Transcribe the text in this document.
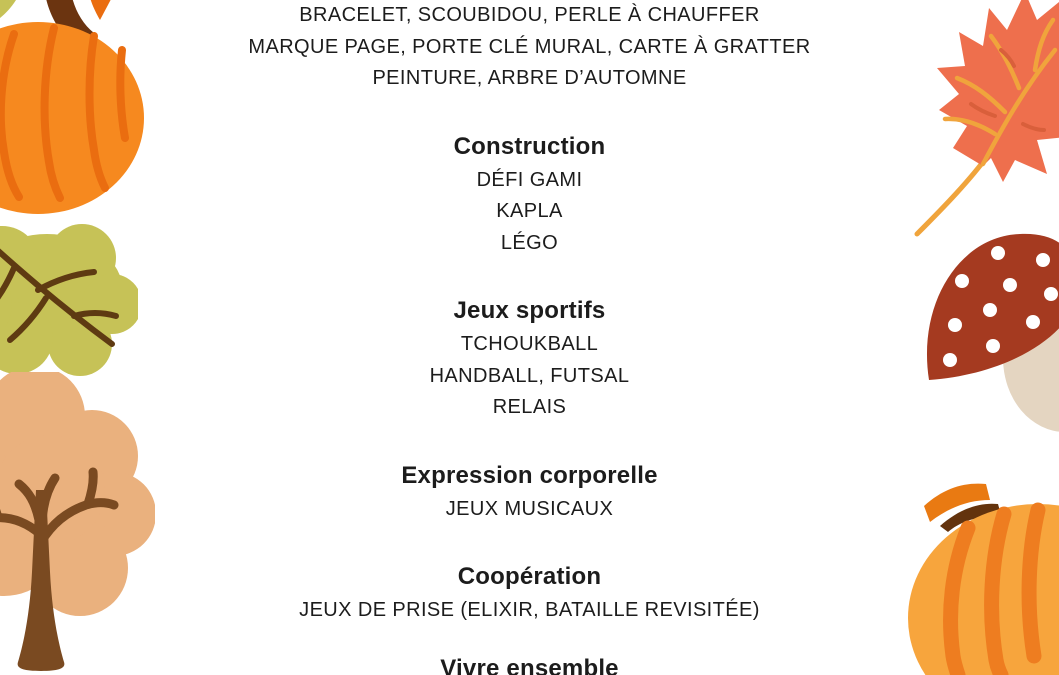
BRACELET, SCOUBIDOU, PERLE À CHAUFFER
MARQUE PAGE, PORTE CLÉ MURAL, CARTE À GRATTER
PEINTURE, ARBRE D’AUTOMNE
Construction
DÉFI GAMI
KAPLA
LÉGO
Jeux sportifs
TCHOUKBALL
HANDBALL, FUTSAL
RELAIS
Expression corporelle
JEUX MUSICAUX
Coopération
JEUX DE PRISE (ELIXIR, BATAILLE REVISITÉE)
Vivre ensemble
